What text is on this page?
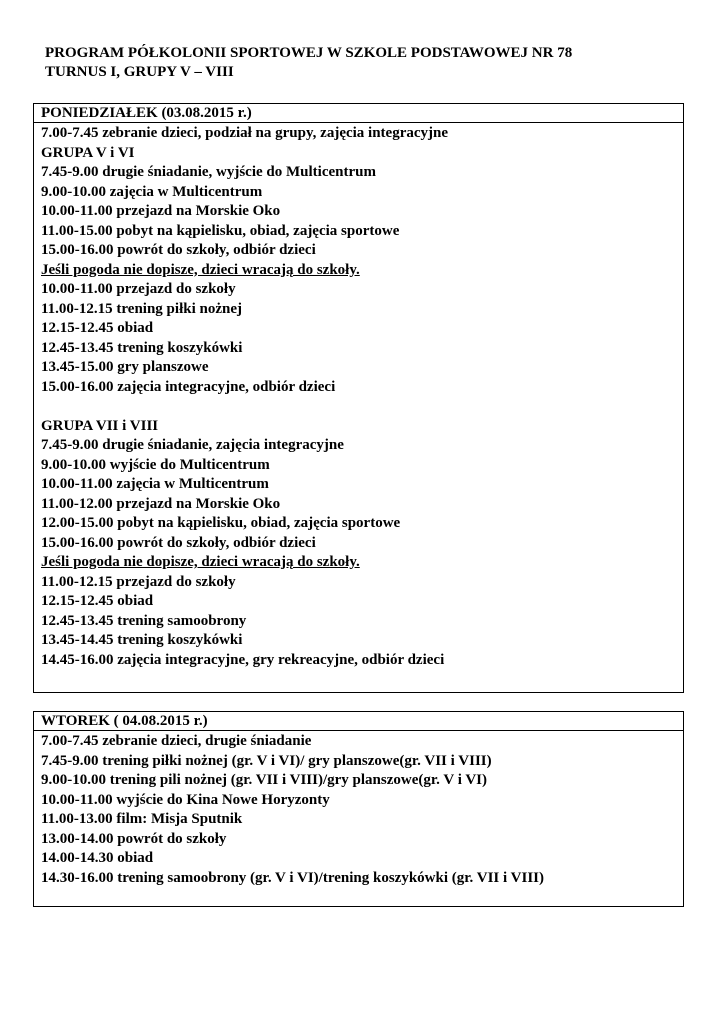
PROGRAM PÓŁKOLONII SPORTOWEJ W SZKOLE PODSTAWOWEJ NR 78
TURNUS I, GRUPY V – VIII
PONIEDZIAŁEK (03.08.2015 r.)
7.00-7.45 zebranie dzieci, podział na grupy, zajęcia integracyjne
GRUPA V i VI
7.45-9.00 drugie śniadanie, wyjście do Multicentrum
9.00-10.00 zajęcia w Multicentrum
10.00-11.00 przejazd na Morskie Oko
11.00-15.00 pobyt na kąpielisku, obiad, zajęcia sportowe
15.00-16.00 powrót do szkoły, odbiór dzieci
Jeśli pogoda nie dopisze, dzieci wracają do szkoły.
10.00-11.00 przejazd do szkoły
11.00-12.15 trening piłki nożnej
12.15-12.45 obiad
12.45-13.45 trening koszykówki
13.45-15.00 gry planszowe
15.00-16.00 zajęcia integracyjne, odbiór dzieci
GRUPA VII i VIII
7.45-9.00 drugie śniadanie, zajęcia integracyjne
9.00-10.00 wyjście do Multicentrum
10.00-11.00 zajęcia w Multicentrum
11.00-12.00 przejazd na Morskie Oko
12.00-15.00 pobyt na kąpielisku, obiad, zajęcia sportowe
15.00-16.00 powrót do szkoły, odbiór dzieci
Jeśli pogoda nie dopisze, dzieci wracają do szkoły.
11.00-12.15 przejazd do szkoły
12.15-12.45 obiad
12.45-13.45 trening samoobrony
13.45-14.45 trening koszykówki
14.45-16.00 zajęcia integracyjne, gry rekreacyjne, odbiór dzieci
WTOREK ( 04.08.2015 r.)
7.00-7.45 zebranie dzieci, drugie śniadanie
7.45-9.00 trening piłki nożnej (gr. V i VI)/ gry planszowe(gr. VII i VIII)
9.00-10.00 trening pili nożnej (gr. VII i VIII)/gry planszowe(gr. V i VI)
10.00-11.00 wyjście do Kina Nowe Horyzonty
11.00-13.00 film: Misja Sputnik
13.00-14.00 powrót do szkoły
14.00-14.30 obiad
14.30-16.00 trening samoobrony (gr. V i VI)/trening koszykówki (gr. VII i VIII)
